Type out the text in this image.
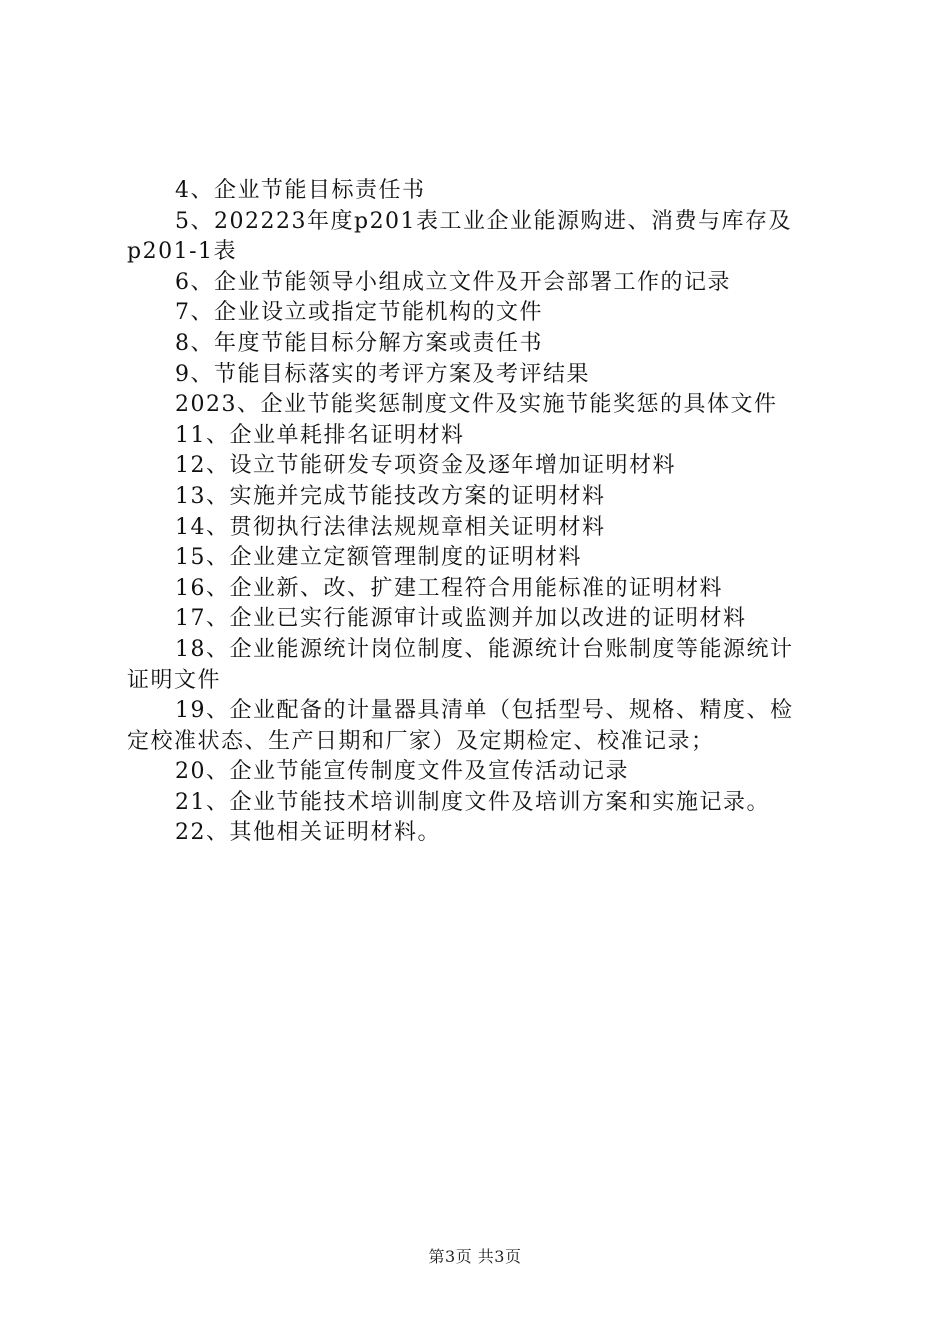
4、企业节能目标责任书

5、202223年度p201表工业企业能源购进、消费与库存及
p201-1表

6、企业节能领导小组成立文件及开会部署工作的记录

7、企业设立或指定节能机构的文件

8、年度节能目标分解方案或责任书

9、节能目标落实的考评方案及考评结果

2023、企业节能奖惩制度文件及实施节能奖惩的具体文件

11、企业单耗排名证明材料

12、设立节能研发专项资金及逐年增加证明材料

13、实施并完成节能技改方案的证明材料

14、贯彻执行法律法规规章相关证明材料

15、企业建立定额管理制度的证明材料

16、企业新、改、扩建工程符合用能标准的证明材料

17、企业已实行能源审计或监测并加以改进的证明材料

18、企业能源统计岗位制度、能源统计台账制度等能源统计
证明文件

19、企业配备的计量器具清单（包括型号、规格、精度、检
定校准状态、生产日期和厂家）及定期检定、校准记录；

20、企业节能宣传制度文件及宣传活动记录

21、企业节能技术培训制度文件及培训方案和实施记录。

22、其他相关证明材料。

第3页 共3页
